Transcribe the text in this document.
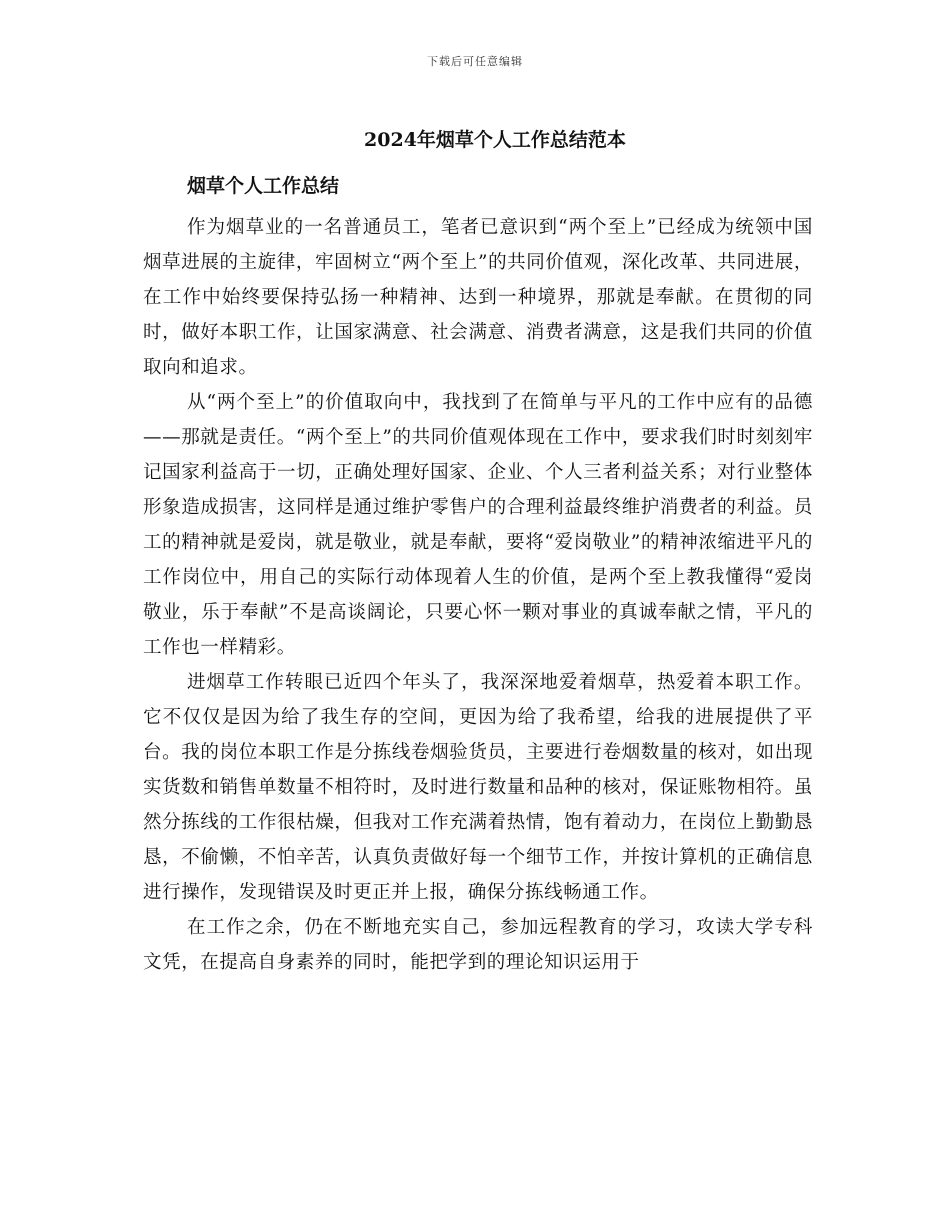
下载后可任意编辑
2024年烟草个人工作总结范本
烟草个人工作总结

作为烟草业的一名普通员工，笔者已意识到“两个至上”已经成为统领中国烟草进展的主旋律，牢固树立“两个至上”的共同价值观，深化改革、共同进展，在工作中始终要保持弘扬一种精神、达到一种境界，那就是奉献。在贯彻的同时，做好本职工作，让国家满意、社会满意、消费者满意，这是我们共同的价值取向和追求。

从“两个至上”的价值取向中，我找到了在简单与平凡的工作中应有的品德——那就是责任。“两个至上”的共同价值观体现在工作中，要求我们时时刻刻牢记国家利益高于一切，正确处理好国家、企业、个人三者利益关系；对行业整体形象造成损害，这同样是通过维护零售户的合理利益最终维护消费者的利益。员工的精神就是爱岗，就是敬业，就是奉献，要将“爱岗敬业”的精神浓缩进平凡的工作岗位中，用自己的实际行动体现着人生的价值，是两个至上教我懂得“爱岗敬业，乐于奉献”不是高谈阔论，只要心怀一颗对事业的真诚奉献之情，平凡的工作也一样精彩。

进烟草工作转眼已近四个年头了，我深深地爱着烟草，热爱着本职工作。它不仅仅是因为给了我生存的空间，更因为给了我希望，给我的进展提供了平台。我的岗位本职工作是分拣线卷烟验货员，主要进行卷烟数量的核对，如出现实货数和销售单数量不相符时，及时进行数量和品种的核对，保证账物相符。虽然分拣线的工作很枯燥，但我对工作充满着热情，饱有着动力，在岗位上勤勤恳恳，不偷懒，不怕辛苦，认真负责做好每一个细节工作，并按计算机的正确信息进行操作，发现错误及时更正并上报，确保分拣线畅通工作。

在工作之余，仍在不断地充实自己，参加远程教育的学习，攻读大学专科文凭，在提高自身素养的同时，能把学到的理论知识运用于
